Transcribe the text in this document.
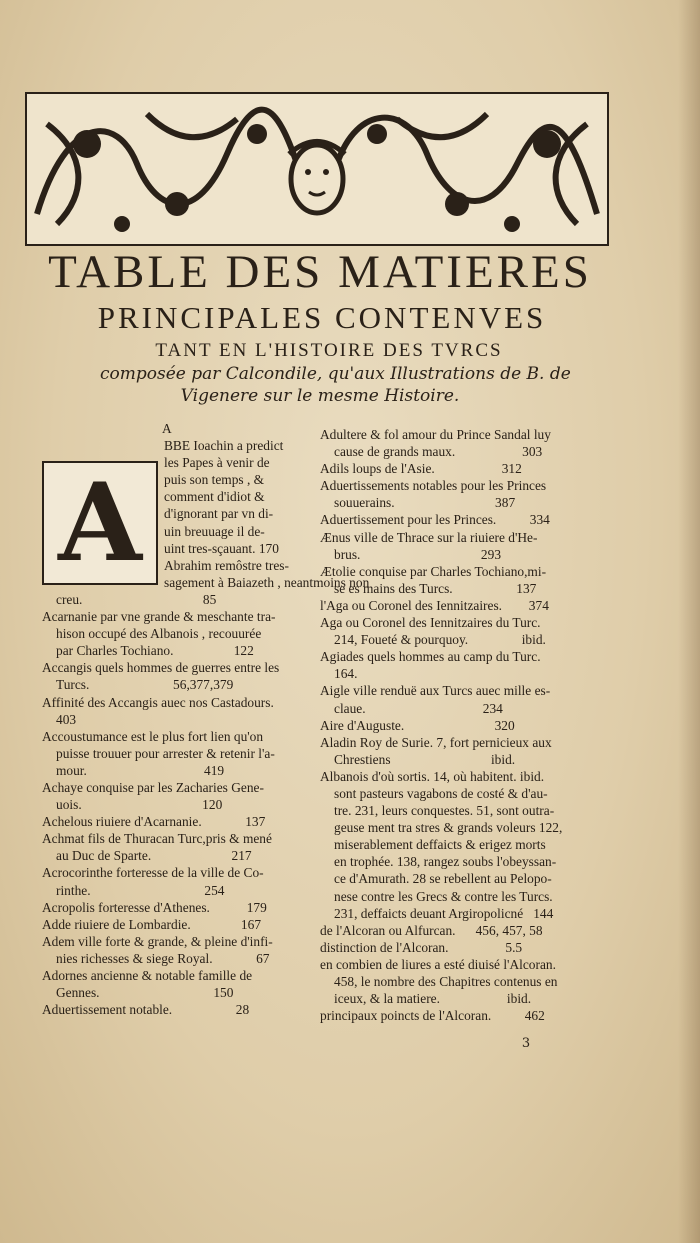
TABLE DES MATIERES
PRINCIPALES CONTENVES
TANT EN L'HISTOIRE DES TVRCS
composée par Calcondile, qu'aux Illustrations de B. de
Vigenere sur le mesme Histoire.
A
A
BBE Ioachin a predict
les Papes à venir de
puis son temps , &
comment d'idiot &
d'ignorant par vn di-
uin breuuage il de-
uint tres-sçauant. 170
Abrahim remôstre tres-
sagement à Baiazeth , neantmoins non
creu.                                    85
Acarnanie par vne grande & meschante tra-
hison occupé des Albanois , recouurée
par Charles Tochiano.                  122
Accangis quels hommes de guerres entre les
Turcs.                         56,377,379
Affinité des Accangis auec nos Castadours.
403
Accoustumance est le plus fort lien qu'on
puisse trouuer pour arrester & retenir l'a-
mour.                                   419
Achaye conquise par les Zacharies Gene-
uois.                                    120
Achelous riuiere d'Acarnanie.             137
Achmat fils de Thuracan Turc,pris & mené
au Duc de Sparte.                        217
Acrocorinthe forteresse de la ville de Co-
rinthe.                                  254
Acropolis forteresse d'Athenes.           179
Adde riuiere de Lombardie.               167
Adem ville forte & grande, & pleine d'infi-
nies richesses & siege Royal.             67
Adornes ancienne & notable famille de
Gennes.                                  150
Aduertissement notable.                   28
Adultere & fol amour du Prince Sandal luy
cause de grands maux.                    303
Adils loups de l'Asie.                    312
Aduertissements notables pour les Princes
souuerains.                              387
Aduertissement pour les Princes.          334
Ænus ville de Thrace sur la riuiere d'He-
brus.                                    293
Ætolie conquise par Charles Tochiano,mi-
se es mains des Turcs.                   137
l'Aga ou Coronel des Iennitzaires.        374
Aga ou Coronel des Iennitzaires du Turc.
214, Foueté & pourquoy.                ibid.
Agiades quels hommes au camp du Turc.
164.
Aigle ville renduë aux Turcs auec mille es-
claue.                                   234
Aire d'Auguste.                           320
Aladin Roy de Surie. 7, fort pernicieux aux
Chrestiens                              ibid.
Albanois d'où sortis. 14, où habitent. ibid.
sont pasteurs vagabons de costé & d'au-
tre. 231, leurs conquestes. 51, sont outra-
geuse ment tra stres & grands voleurs 122,
miserablement deffaicts & erigez morts
en trophée. 138, rangez soubs l'obeyssan-
ce d'Amurath. 28 se rebellent au Pelopo-
nese contre les Grecs & contre les Turcs.
231, deffaicts deuant Argiropolicné   144
de l'Alcoran ou Alfurcan.      456, 457, 58
distinction de l'Alcoran.                 5.5
en combien de liures a esté diuisé l'Alcoran.
458, le nombre des Chapitres contenus en
iceux, & la matiere.                    ibid.
principaux poincts de l'Alcoran.          462
3
